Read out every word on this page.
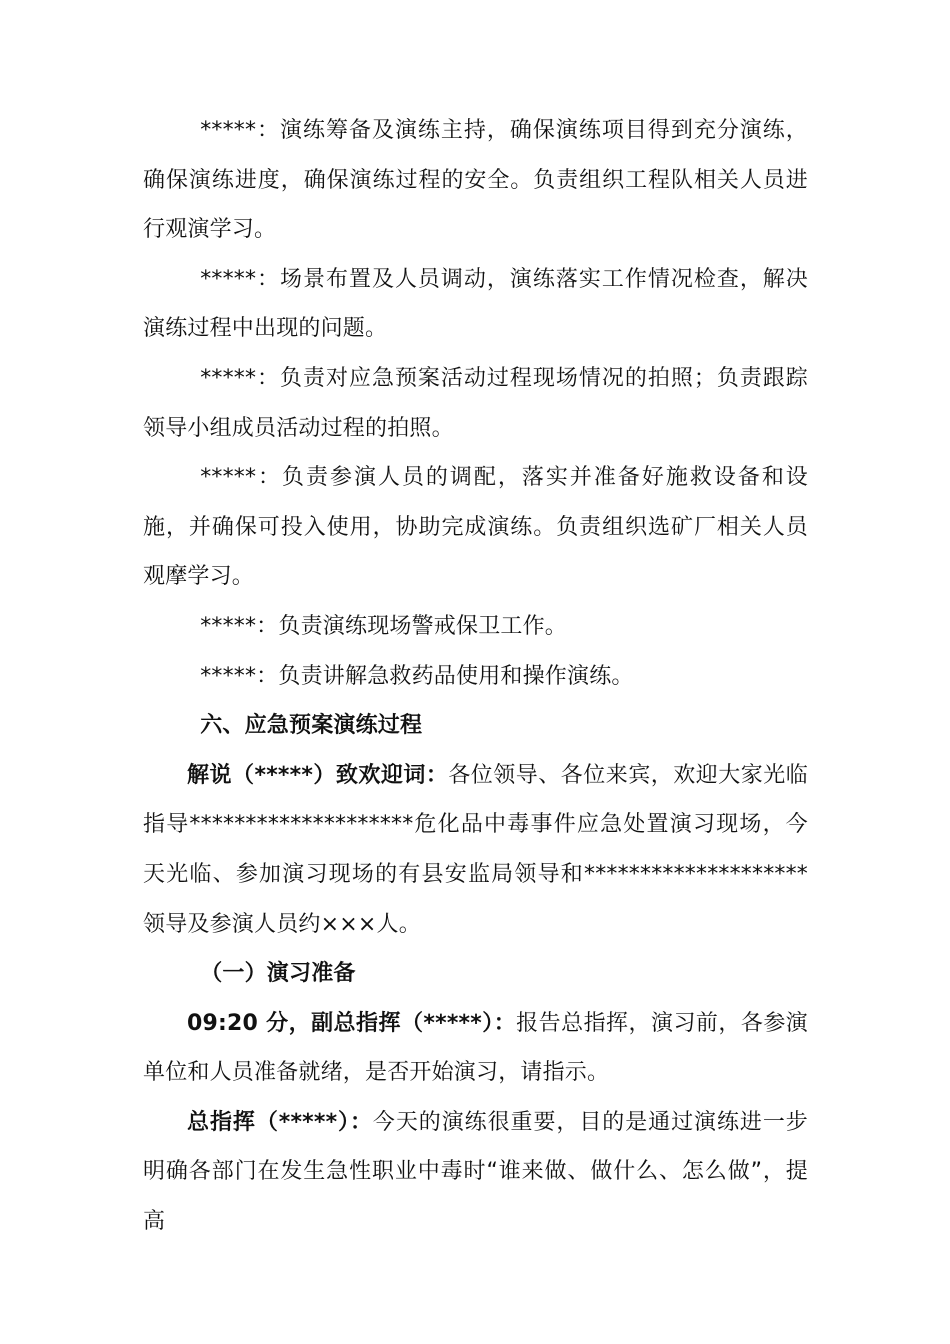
*****：演练筹备及演练主持，确保演练项目得到充分演练，确保演练进度，确保演练过程的安全。负责组织工程队相关人员进行观演学习。

*****：场景布置及人员调动，演练落实工作情况检查，解决演练过程中出现的问题。

*****：负责对应急预案活动过程现场情况的拍照；负责跟踪领导小组成员活动过程的拍照。

*****：负责参演人员的调配，落实并准备好施救设备和设施，并确保可投入使用，协助完成演练。负责组织选矿厂相关人员观摩学习。

*****：负责演练现场警戒保卫工作。

*****：负责讲解急救药品使用和操作演练。

六、应急预案演练过程

解说（*****）致欢迎词：各位领导、各位来宾，欢迎大家光临指导********************危化品中毒事件应急处置演习现场，今天光临、参加演习现场的有县安监局领导和********************领导及参演人员约×××人。

（一）演习准备

09:20 分，副总指挥（*****）：报告总指挥，演习前，各参演单位和人员准备就绪，是否开始演习，请指示。

总指挥（*****）：今天的演练很重要，目的是通过演练进一步明确各部门在发生急性职业中毒时“谁来做、做什么、怎么做”，提高
